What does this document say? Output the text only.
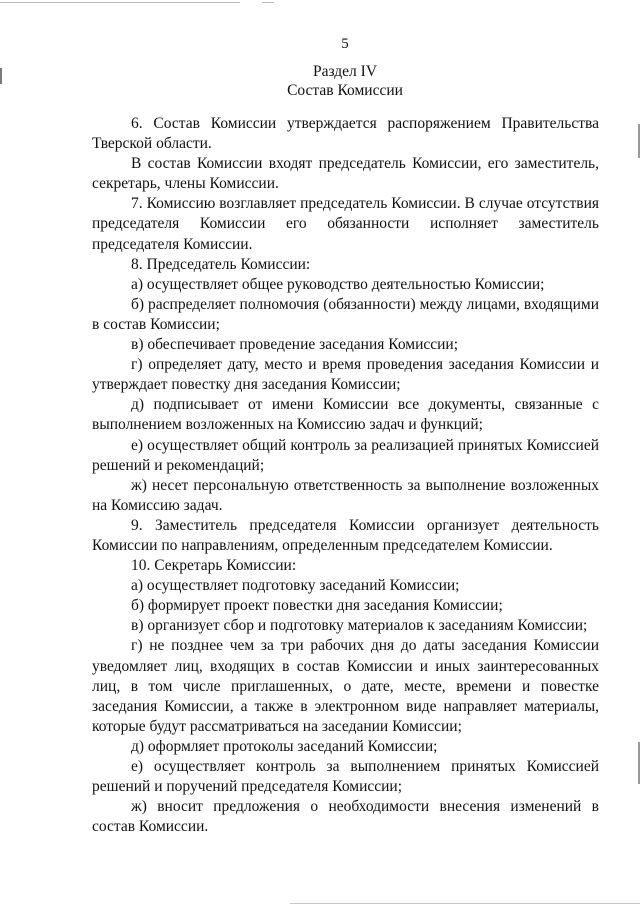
5
Раздел IV
Состав Комиссии

6. Состав Комиссии утверждается распоряжением Правительства Тверской области.

В состав Комиссии входят председатель Комиссии, его заместитель, секретарь, члены Комиссии.

7. Комиссию возглавляет председатель Комиссии. В случае отсутствия председателя Комиссии его обязанности исполняет заместитель председателя Комиссии.

8. Председатель Комиссии:

а) осуществляет общее руководство деятельностью Комиссии;

б) распределяет полномочия (обязанности) между лицами, входящими в состав Комиссии;

в) обеспечивает проведение заседания Комиссии;

г) определяет дату, место и время проведения заседания Комиссии и утверждает повестку дня заседания Комиссии;

д) подписывает от имени Комиссии все документы, связанные с выполнением возложенных на Комиссию задач и функций;

е) осуществляет общий контроль за реализацией принятых Комиссией решений и рекомендаций;

ж) несет персональную ответственность за выполнение возложенных на Комиссию задач.

9. Заместитель председателя Комиссии организует деятельность Комиссии по направлениям, определенным председателем Комиссии.

10. Секретарь Комиссии:

а) осуществляет подготовку заседаний Комиссии;

б) формирует проект повестки дня заседания Комиссии;

в) организует сбор и подготовку материалов к заседаниям Комиссии;

г) не позднее чем за три рабочих дня до даты заседания Комиссии уведомляет лиц, входящих в состав Комиссии и иных заинтересованных лиц, в том числе приглашенных, о дате, месте, времени и повестке заседания Комиссии, а также в электронном виде направляет материалы, которые будут рассматриваться на заседании Комиссии;

д) оформляет протоколы заседаний Комиссии;

е) осуществляет контроль за выполнением принятых Комиссией решений и поручений председателя Комиссии;

ж) вносит предложения о необходимости внесения изменений в состав Комиссии.
